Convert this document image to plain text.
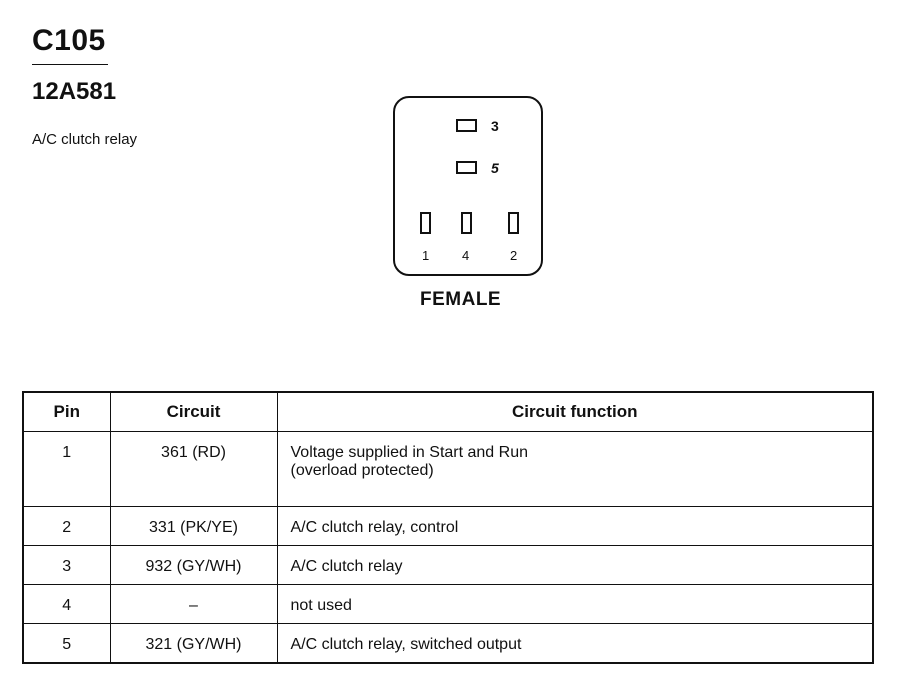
C105
12A581
A/C clutch relay
3
5
1	4	2
FEMALE
Pin	Circuit	Circuit function
1	361 (RD)	Voltage supplied in Start and Run
(overload protected)

2	331 (PK/YE)	A/C clutch relay, control
3	932 (GY/WH)	A/C clutch relay
4	–	not used
5	321 (GY/WH)	A/C clutch relay, switched output
